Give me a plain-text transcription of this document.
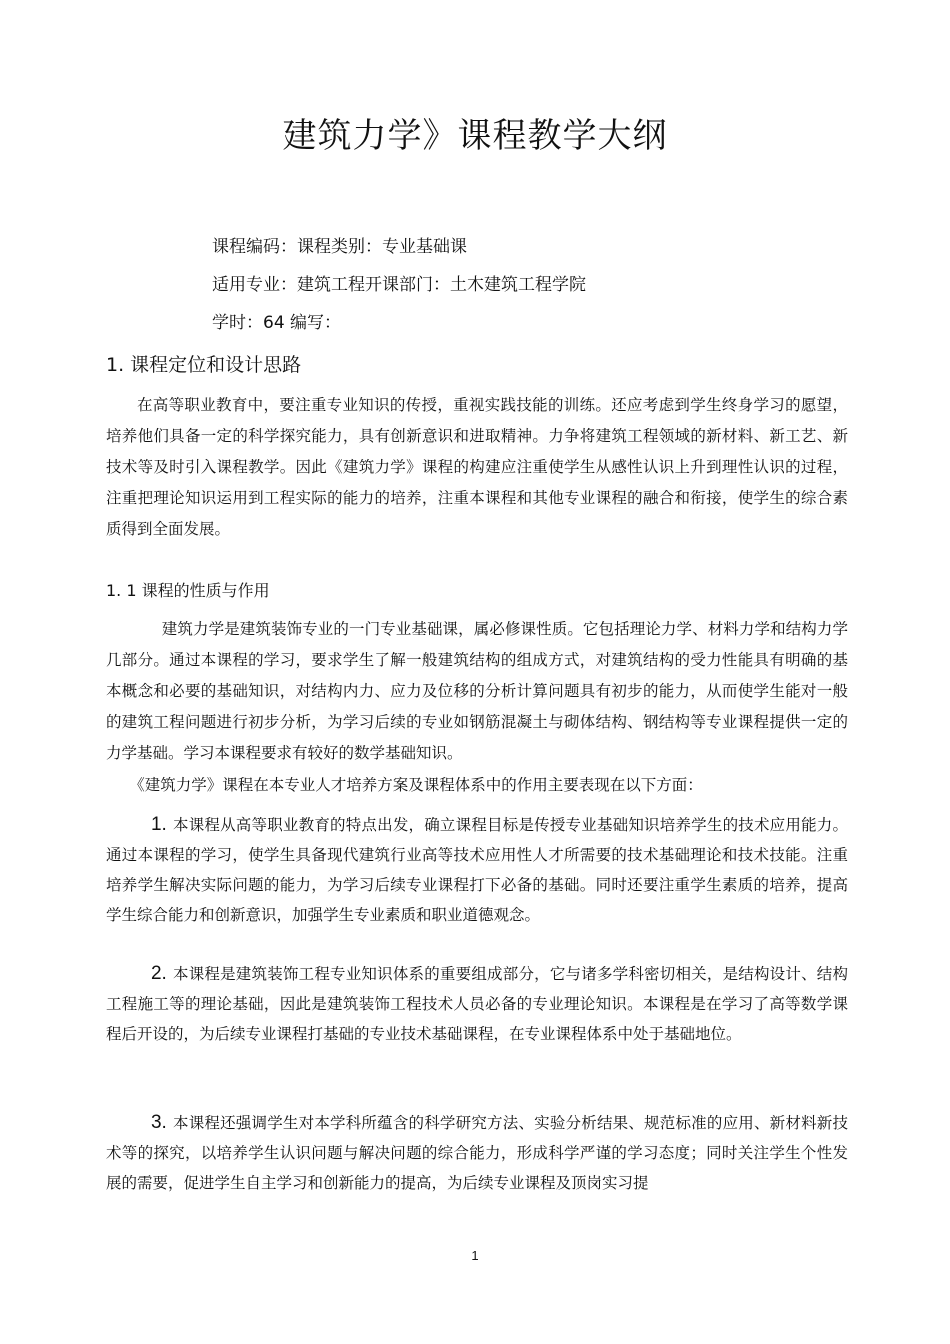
建筑力学》课程教学大纲
课程编码：课程类别：专业基础课
适用专业：建筑工程开课部门：土木建筑工程学院
学时：64 编写：
1. 课程定位和设计思路

在高等职业教育中，要注重专业知识的传授，重视实践技能的训练。还应考虑到学生终身学习的愿望，培养他们具备一定的科学探究能力，具有创新意识和进取精神。力争将建筑工程领域的新材料、新工艺、新技术等及时引入课程教学。因此《建筑力学》课程的构建应注重使学生从感性认识上升到理性认识的过程，注重把理论知识运用到工程实际的能力的培养，注重本课程和其他专业课程的融合和衔接，使学生的综合素质得到全面发展。

1. 1 课程的性质与作用

建筑力学是建筑装饰专业的一门专业基础课，属必修课性质。它包括理论力学、材料力学和结构力学几部分。通过本课程的学习，要求学生了解一般建筑结构的组成方式，对建筑结构的受力性能具有明确的基本概念和必要的基础知识，对结构内力、应力及位移的分析计算问题具有初步的能力，从而使学生能对一般的建筑工程问题进行初步分析，为学习后续的专业如钢筋混凝土与砌体结构、钢结构等专业课程提供一定的力学基础。学习本课程要求有较好的数学基础知识。

《建筑力学》课程在本专业人才培养方案及课程体系中的作用主要表现在以下方面：

1. 本课程从高等职业教育的特点出发，确立课程目标是传授专业基础知识培养学生的技术应用能力。通过本课程的学习，使学生具备现代建筑行业高等技术应用性人才所需要的技术基础理论和技术技能。注重培养学生解决实际问题的能力，为学习后续专业课程打下必备的基础。同时还要注重学生素质的培养，提高学生综合能力和创新意识，加强学生专业素质和职业道德观念。

2. 本课程是建筑装饰工程专业知识体系的重要组成部分，它与诸多学科密切相关，是结构设计、结构工程施工等的理论基础，因此是建筑装饰工程技术人员必备的专业理论知识。本课程是在学习了高等数学课程后开设的，为后续专业课程打基础的专业技术基础课程，在专业课程体系中处于基础地位。

3. 本课程还强调学生对本学科所蕴含的科学研究方法、实验分析结果、规范标准的应用、新材料新技术等的探究，以培养学生认识问题与解决问题的综合能力，形成科学严谨的学习态度；同时关注学生个性发展的需要，促进学生自主学习和创新能力的提高，为后续专业课程及顶岗实习提

1
